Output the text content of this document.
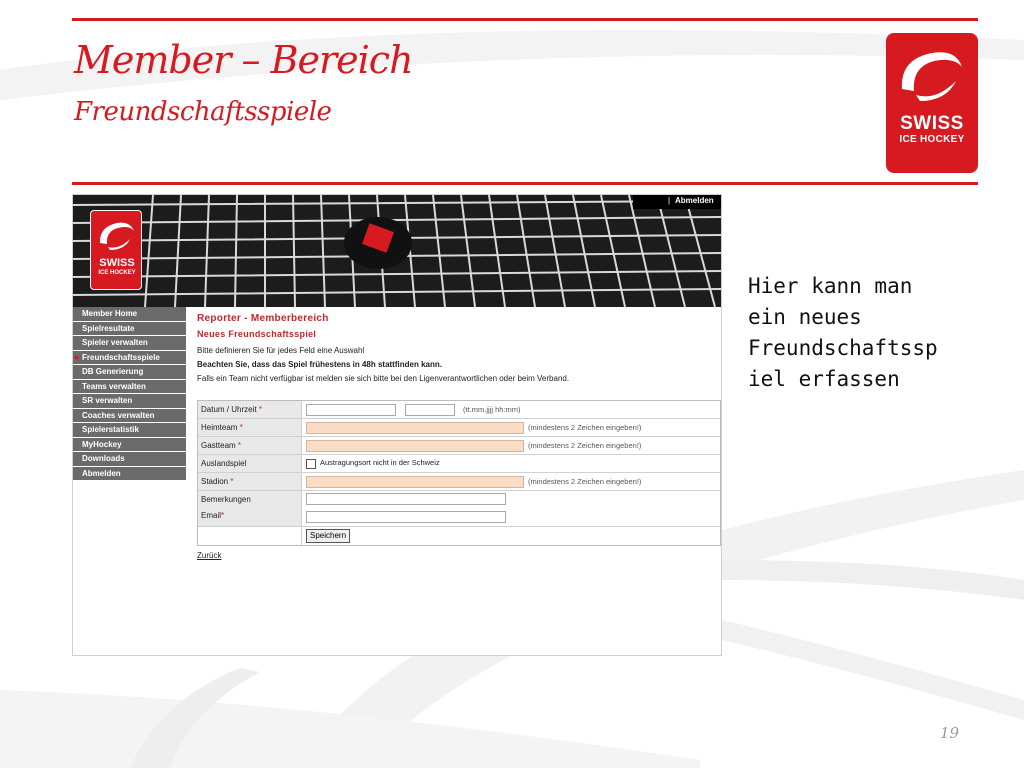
Member – Bereich
Freundschaftsspiele	SWISS
ICE HOCKEY
SWISS
ICE HOCKEY
| Abmelden
Member Home
Spielresultate
Spieler verwalten
Freundschaftsspiele
DB Generierung
Teams verwalten
SR verwalten
Coaches verwalten
Spielerstatistik
MyHockey
Downloads
Abmelden
Reporter - Memberbereich
Neues Freundschaftsspiel
Bitte definieren Sie für jedes Feld eine Auswahl
Beachten Sie, dass das Spiel frühestens in 48h stattfinden kann.
Falls ein Team nicht verfügbar ist melden sie sich bitte bei den Ligenverantwortlichen oder beim Verband.
Datum / Uhrzeit *	(tt.mm.jjjj hh:mm)
Heimteam *	(mindestens 2 Zeichen eingeben!)
Gastteam *	(mindestens 2 Zeichen eingeben!)
Auslandspiel	Austragungsort nicht in der Schweiz
Stadion *	(mindestens 2 Zeichen eingeben!)
Bemerkungen
Email*
Speichern
Zurück
Hier kann man
ein neues
Freundschaftssp
iel erfassen
19
